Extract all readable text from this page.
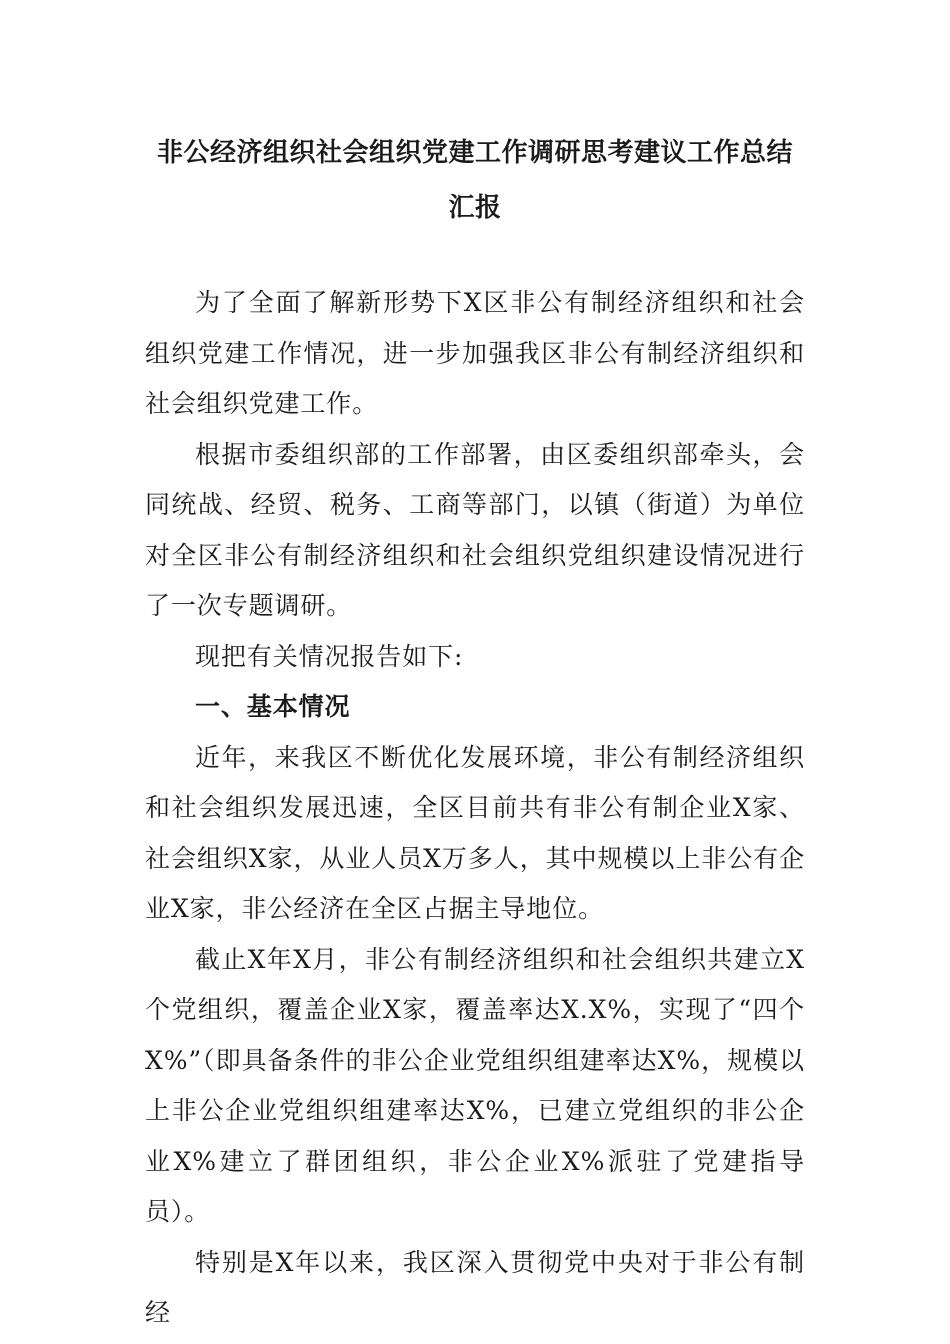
非公经济组织社会组织党建工作调研思考建议工作总结汇报

为了全面了解新形势下X区非公有制经济组织和社会组织党建工作情况，进一步加强我区非公有制经济组织和社会组织党建工作。

根据市委组织部的工作部署，由区委组织部牵头，会同统战、经贸、税务、工商等部门，以镇（街道）为单位对全区非公有制经济组织和社会组织党组织建设情况进行了一次专题调研。

现把有关情况报告如下:

一、基本情况

近年，来我区不断优化发展环境，非公有制经济组织和社会组织发展迅速，全区目前共有非公有制企业X家、社会组织X家，从业人员X万多人，其中规模以上非公有企业X家，非公经济在全区占据主导地位。

截止X年X月，非公有制经济组织和社会组织共建立X个党组织，覆盖企业X家，覆盖率达X.X%，实现了“四个X%”（即具备条件的非公企业党组织组建率达X%，规模以上非公企业党组织组建率达X%，已建立党组织的非公企业X%建立了群团组织，非公企业X%派驻了党建指导员）。

特别是X年以来，我区深入贯彻党中央对于非公有制经
